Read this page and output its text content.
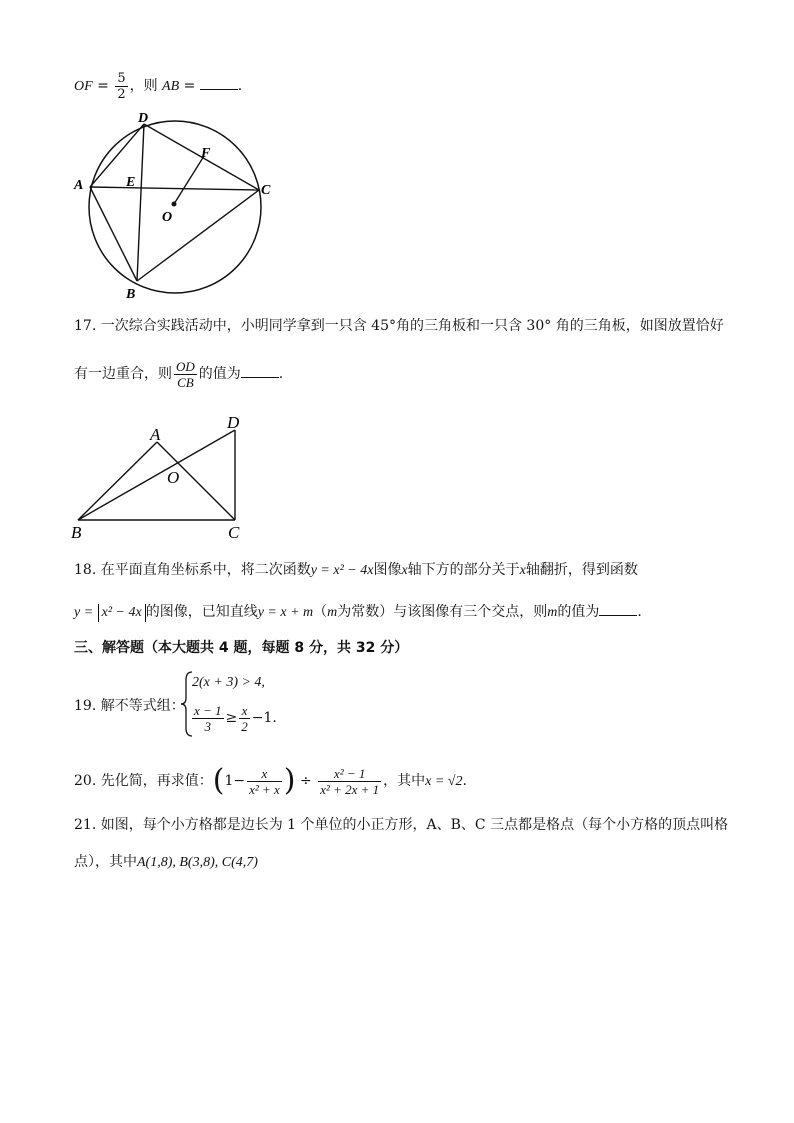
OF = $\frac{5}{2}$ ，则 AB =	.
D
A	E
F
C
O
B
17. 一次综合实践活动中，小明同学拿到一只含 45°角的三角板和一只含 30° 角的三角板，如图放置恰好
有一边重合，则 $\frac{OD}{CB}$ 的值为	.
A
D
O
B	C
18. 在平面直角坐标系中，将二次函数y = x² − 4x图像x轴下方的部分关于x轴翻折，得到函数
y = x² − 4x 的图像，已知直线y = x + m（m为常数）与该图像有三个交点，则m的值为	.
三、解答题（本大题共 4 题，每题 8 分，共 32 分）
19. 解不等式组：
2(x + 3) > 4,
$\frac{x - 1}{3} \ge \frac{x}{2} -1$.
20. 先化简，再求值：($1- \frac{x}{\text{x² + x}}$ ) ÷ $\frac{\text{x² − 1}}{\text{x² + 2x + 1}}$ ，其中x = √2.
21. 如图，每个小方格都是边长为 1 个单位的小正方形，A、B、C 三点都是格点（每个小方格的顶点叫格
点），其中A(1,8), B(3,8), C(4,7)
